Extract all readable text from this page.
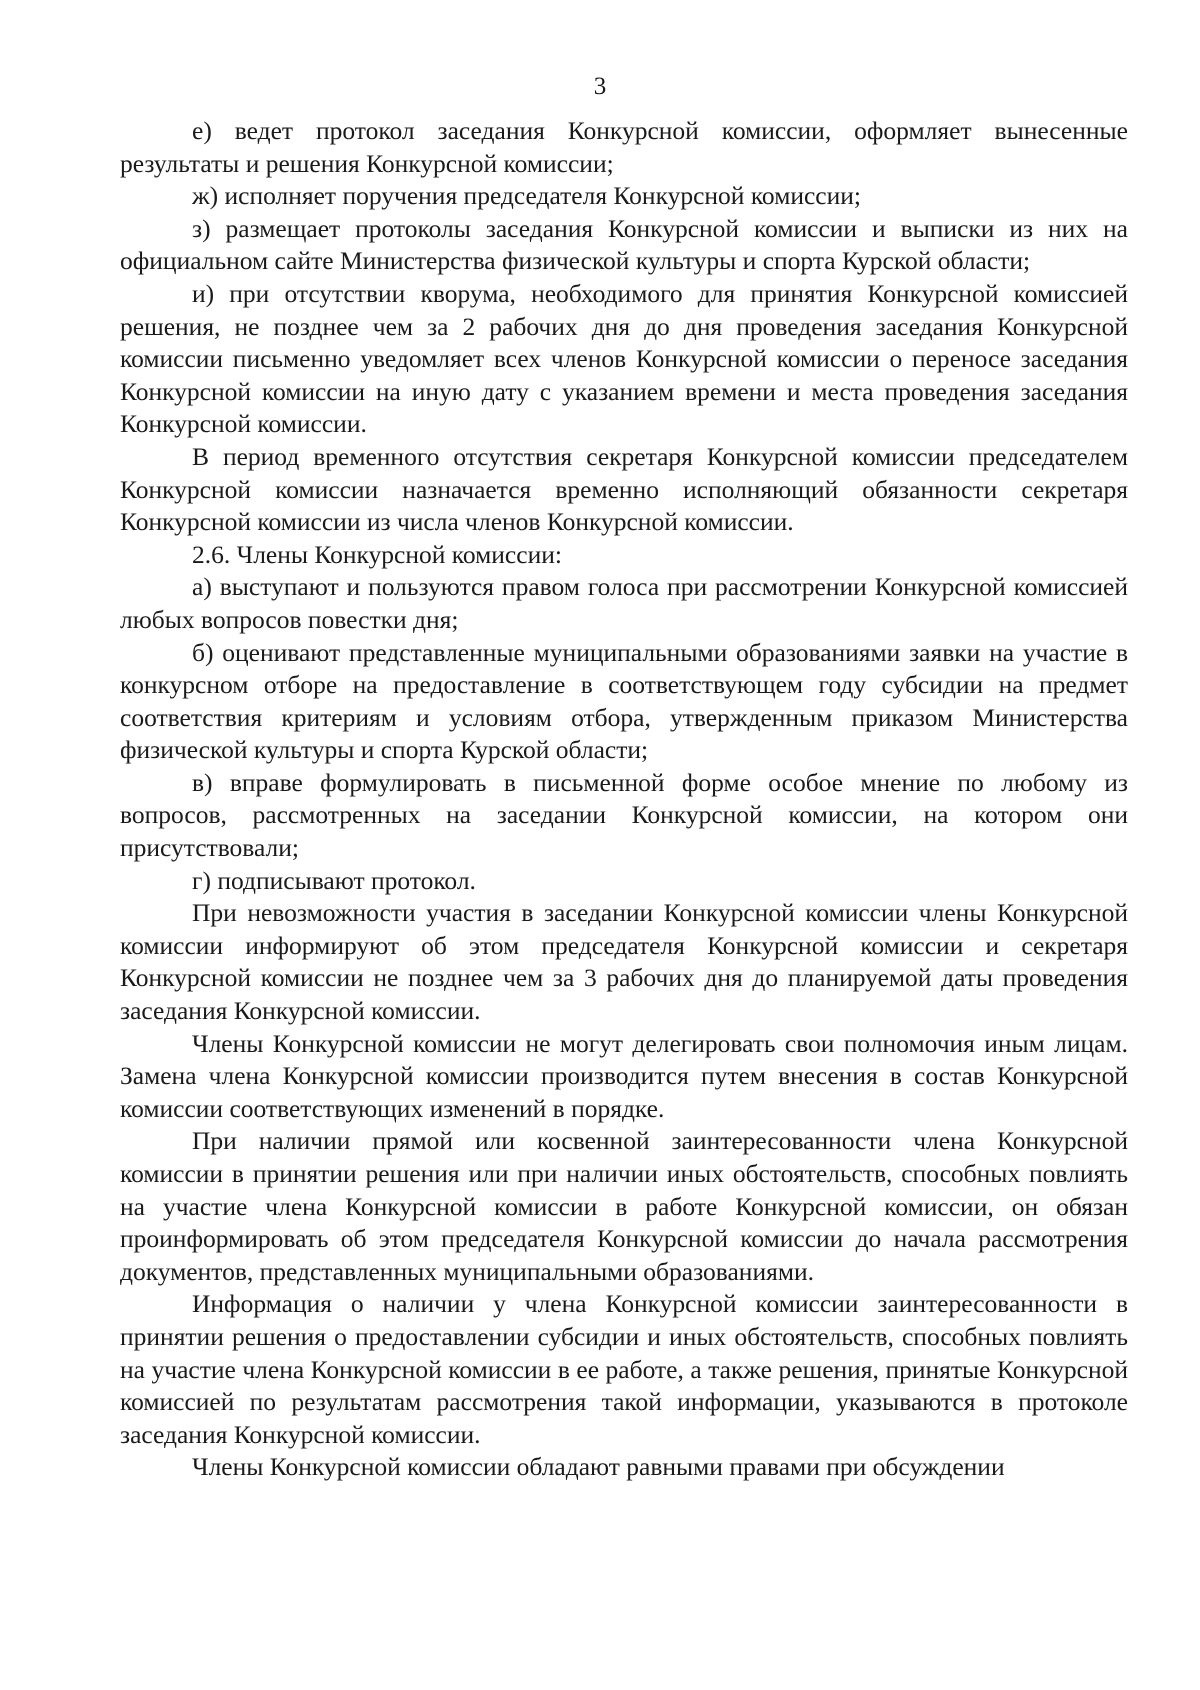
3

е) ведет протокол заседания Конкурсной комиссии, оформляет вынесенные результаты и решения Конкурсной комиссии;

ж) исполняет поручения председателя Конкурсной комиссии;

з) размещает протоколы заседания Конкурсной комиссии и выписки из них на официальном сайте Министерства физической культуры и спорта Курской области;

и) при отсутствии кворума, необходимого для принятия Конкурсной комиссией решения, не позднее чем за 2 рабочих дня до дня проведения заседания Конкурсной комиссии письменно уведомляет всех членов Конкурсной комиссии о переносе заседания Конкурсной комиссии на иную дату с указанием времени и места проведения заседания Конкурсной комиссии.

В период временного отсутствия секретаря Конкурсной комиссии председателем Конкурсной комиссии назначается временно исполняющий обязанности секретаря Конкурсной комиссии из числа членов Конкурсной комиссии.

2.6. Члены Конкурсной комиссии:

а) выступают и пользуются правом голоса при рассмотрении Конкурсной комиссией любых вопросов повестки дня;

б) оценивают представленные муниципальными образованиями заявки на участие в конкурсном отборе на предоставление в соответствующем году субсидии на предмет соответствия критериям и условиям отбора, утвержденным приказом Министерства физической культуры и спорта Курской области;

в) вправе формулировать в письменной форме особое мнение по любому из вопросов, рассмотренных на заседании Конкурсной комиссии, на котором они присутствовали;

г) подписывают протокол.

При невозможности участия в заседании Конкурсной комиссии члены Конкурсной комиссии информируют об этом председателя Конкурсной комиссии и секретаря Конкурсной комиссии не позднее чем за 3 рабочих дня до планируемой даты проведения заседания Конкурсной комиссии.

Члены Конкурсной комиссии не могут делегировать свои полномочия иным лицам. Замена члена Конкурсной комиссии производится путем внесения в состав Конкурсной комиссии соответствующих изменений в порядке.

При наличии прямой или косвенной заинтересованности члена Конкурсной комиссии в принятии решения или при наличии иных обстоятельств, способных повлиять на участие члена Конкурсной комиссии в работе Конкурсной комиссии, он обязан проинформировать об этом председателя Конкурсной комиссии до начала рассмотрения документов, представленных муниципальными образованиями.

Информация о наличии у члена Конкурсной комиссии заинтересованности в принятии решения о предоставлении субсидии и иных обстоятельств, способных повлиять на участие члена Конкурсной комиссии в ее работе, а также решения, принятые Конкурсной комиссией по результатам рассмотрения такой информации, указываются в протоколе заседания Конкурсной комиссии.

Члены Конкурсной комиссии обладают равными правами при обсуждении
